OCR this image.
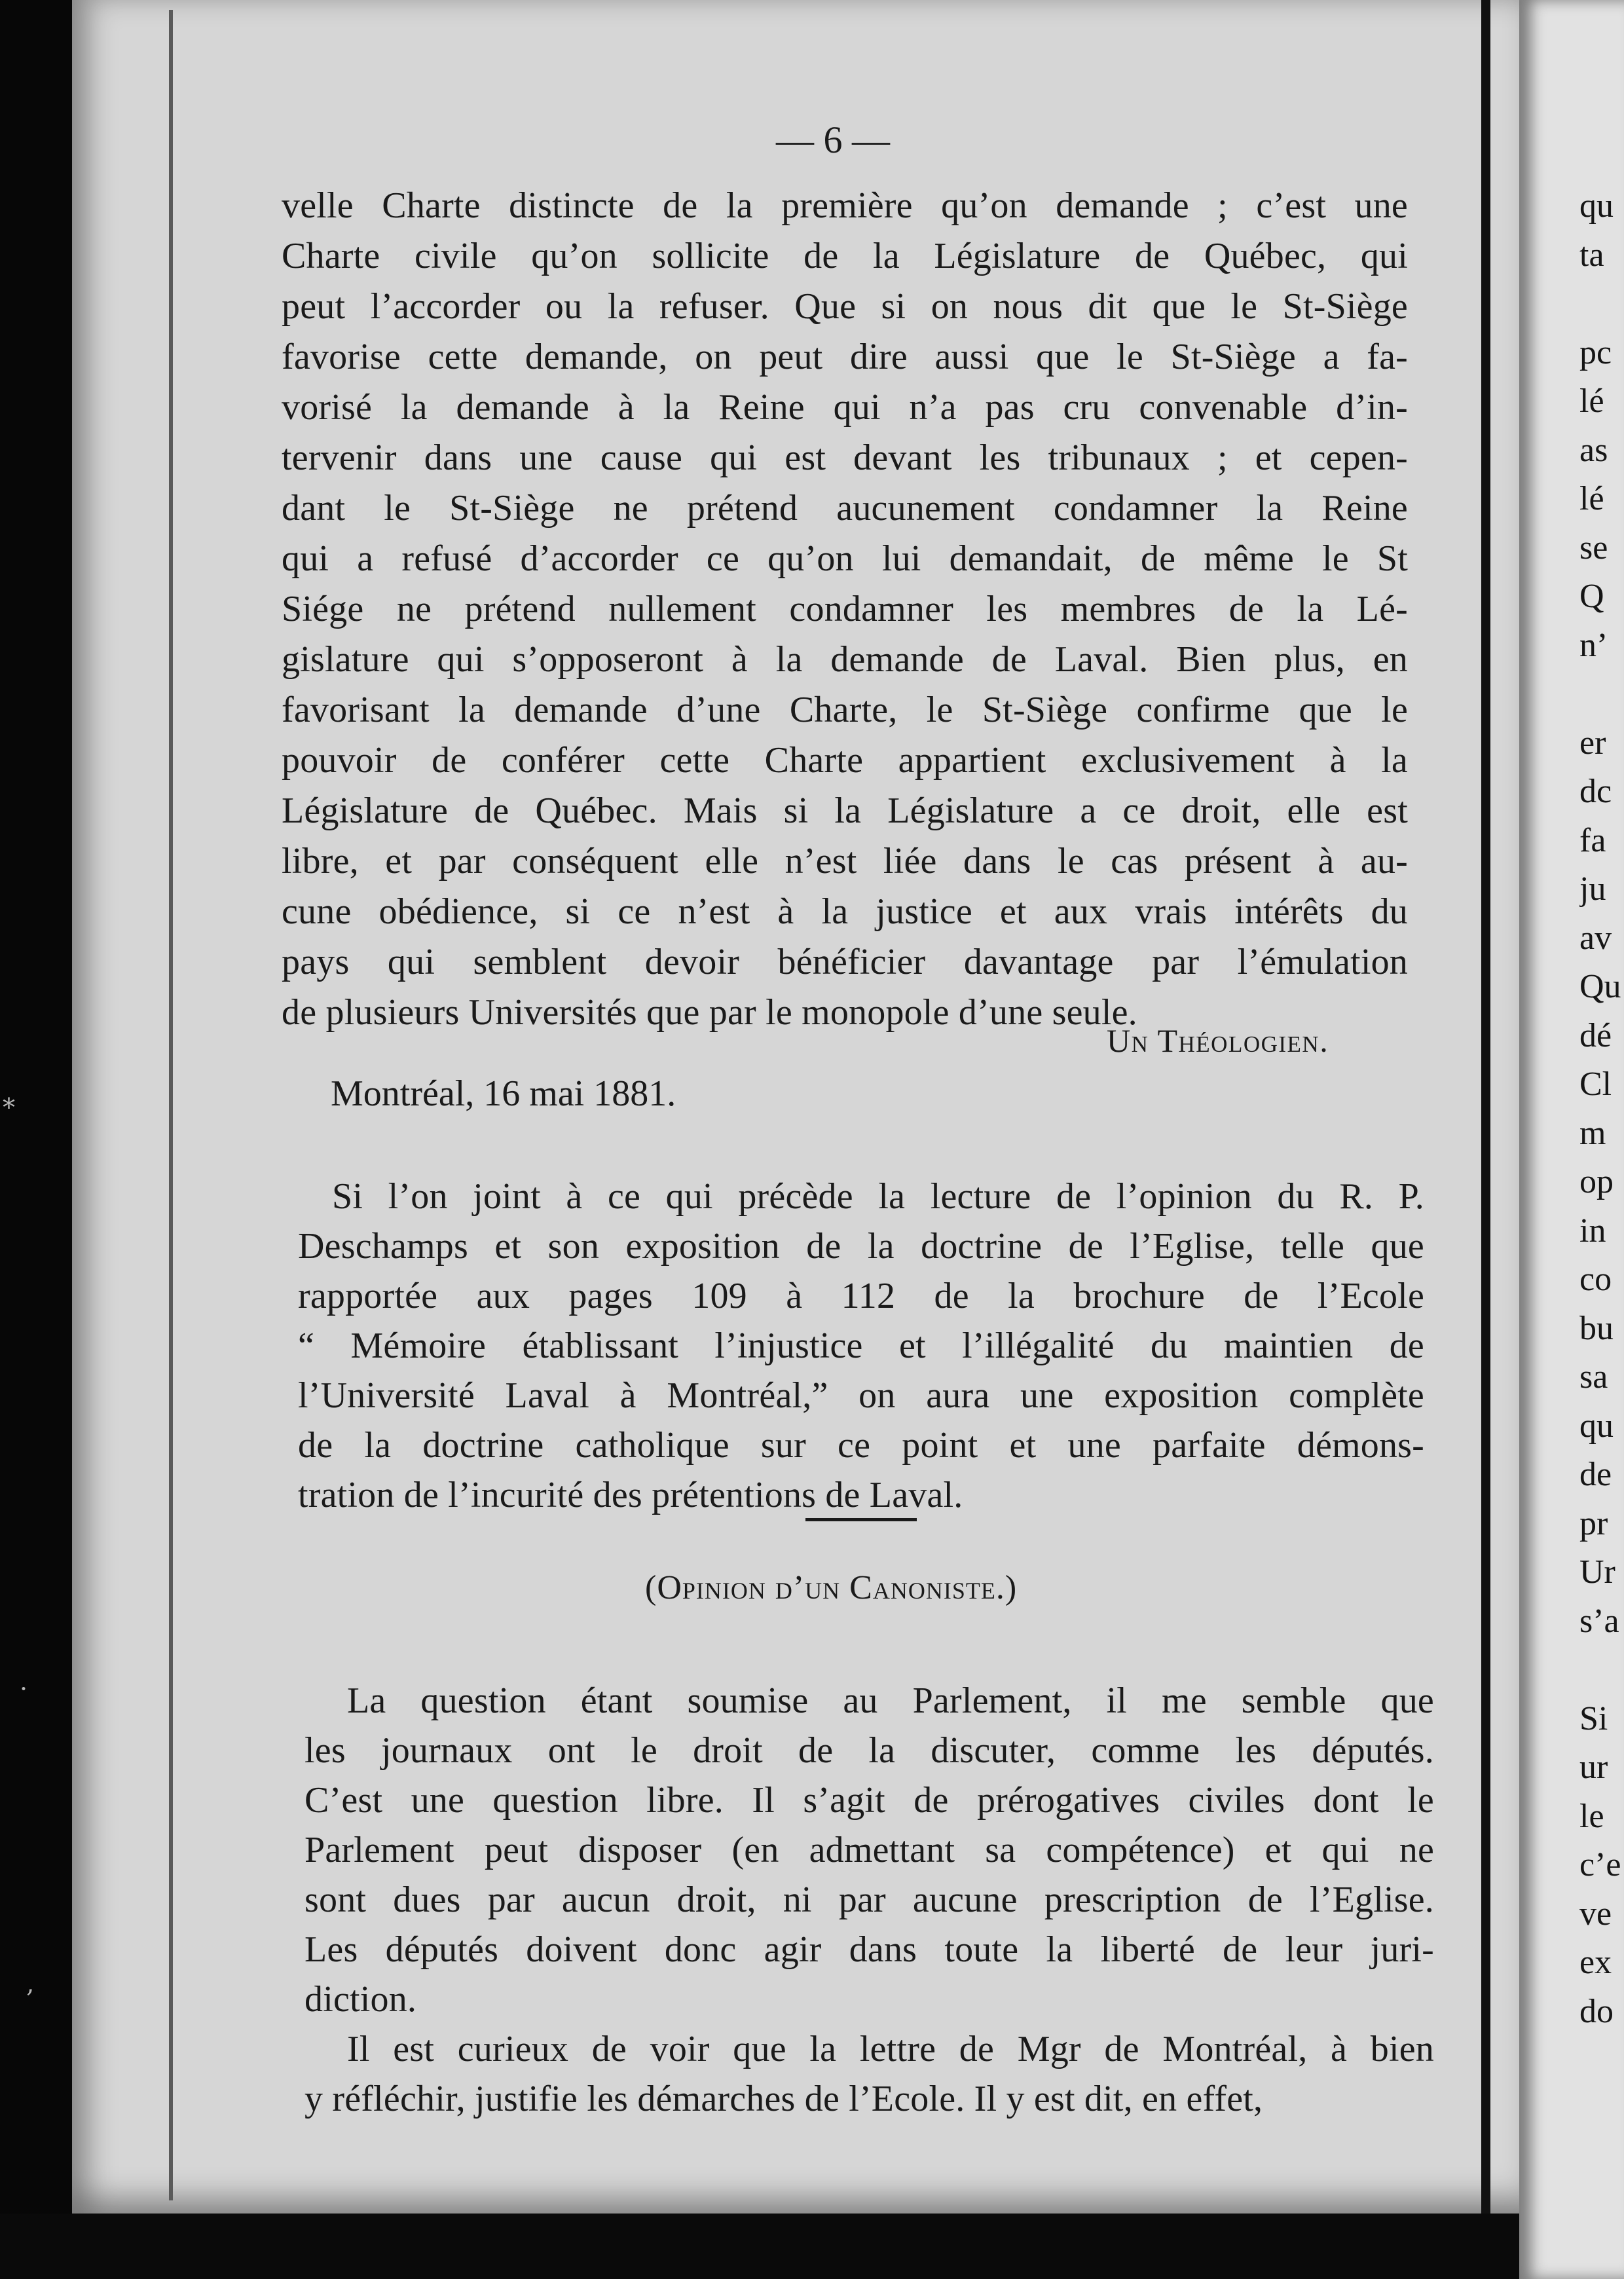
*
·
‚
qu
ta
pc
lé
as
lé
se
Q
n’
er
dc
fa
ju
av
Qu
dé
Cl
m
op
in
co
bu
sa
qu
de
pr
Ur
s’a
Si
ur
le
c’e
ve
ex
do
— 6 —
velle Charte distincte de la première qu’on demande ; c’est une
Charte civile qu’on sollicite de la Législature de Québec, qui
peut l’accorder ou la refuser. Que si on nous dit que le St-Siège
favorise cette demande, on peut dire aussi que le St-Siège a fa-
vorisé la demande à la Reine qui n’a pas cru convenable d’in-
tervenir dans une cause qui est devant les tribunaux ; et cepen-
dant le St-Siège ne prétend aucunement condamner la Reine
qui a refusé d’accorder ce qu’on lui demandait, de même le St
Siége ne prétend nullement condamner les membres de la Lé-
gislature qui s’opposeront à la demande de Laval. Bien plus, en
favorisant la demande d’une Charte, le St-Siège confirme que le
pouvoir de conférer cette Charte appartient exclusivement à la
Législature de Québec. Mais si la Législature a ce droit, elle est
libre, et par conséquent elle n’est liée dans le cas présent à au-
cune obédience, si ce n’est à la justice et aux vrais intérêts du
pays qui semblent devoir bénéficier davantage par l’émulation
de plusieurs Universités que par le monopole d’une seule.
Un Théologien.
Montréal, 16 mai 1881.
Si l’on joint à ce qui précède la lecture de l’opinion du R. P.
Deschamps et son exposition de la doctrine de l’Eglise, telle que
rapportée aux pages 109 à 112 de la brochure de l’Ecole
“ Mémoire établissant l’injustice et l’illégalité du maintien de
l’Université Laval à Montréal,” on aura une exposition complète
de la doctrine catholique sur ce point et une parfaite démons-
tration de l’incurité des prétentions de Laval.
(Opinion d’un Canoniste.)
La question étant soumise au Parlement, il me semble que
les journaux ont le droit de la discuter, comme les députés.
C’est une question libre. Il s’agit de prérogatives civiles dont le
Parlement peut disposer (en admettant sa compétence) et qui ne
sont dues par aucun droit, ni par aucune prescription de l’Eglise.
Les députés doivent donc agir dans toute la liberté de leur juri-
diction.
Il est curieux de voir que la lettre de Mgr de Montréal, à bien
y réfléchir, justifie les démarches de l’Ecole. Il y est dit, en effet,
